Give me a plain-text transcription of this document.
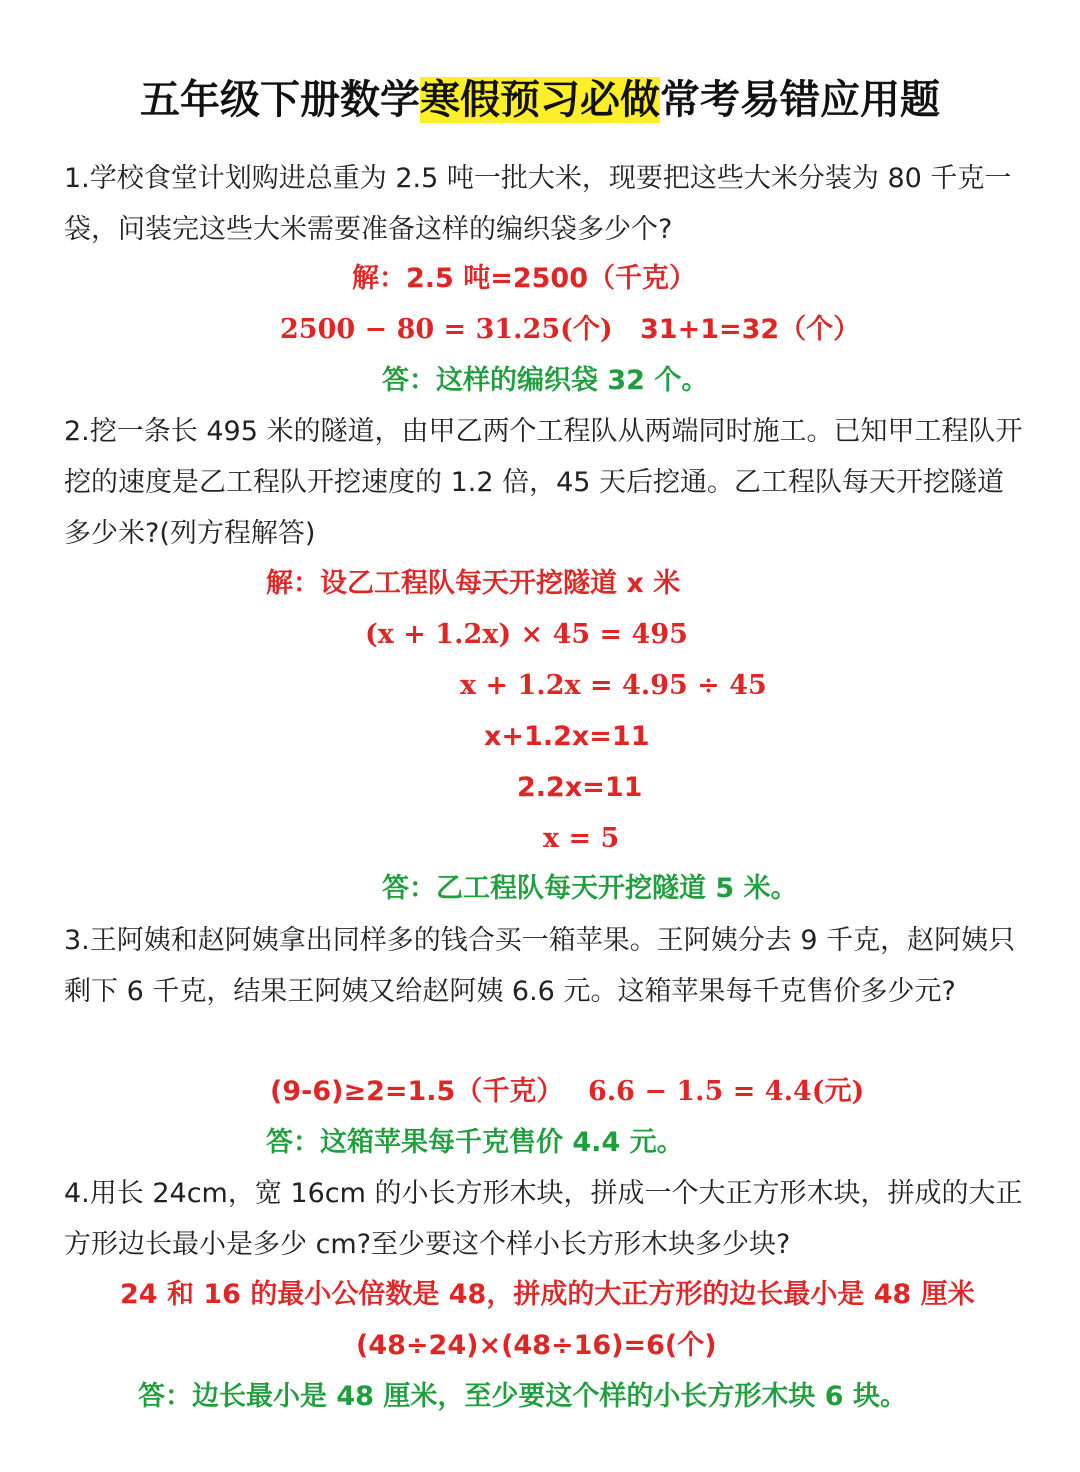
五年级下册数学寒假预习必做常考易错应用题
1.学校食堂计划购进总重为 2.5 吨一批大米，现要把这些大米分装为 80 千克一袋，问装完这些大米需要准备这样的编织袋多少个?
解：2.5 吨=2500（千克）
2500 − 80 = 31.25(个) 31+1=32（个）
答：这样的编织袋 32 个。
2.挖一条长 495 米的隧道，由甲乙两个工程队从两端同时施工。已知甲工程队开挖的速度是乙工程队开挖速度的 1.2 倍，45 天后挖通。乙工程队每天开挖隧道多少米?(列方程解答)
解：设乙工程队每天开挖隧道 x 米
(x + 1.2x) × 45 = 495
x + 1.2x = 4.95 ÷ 45
x+1.2x=11
2.2x=11
x = 5
答：乙工程队每天开挖隧道 5 米。
3.王阿姨和赵阿姨拿出同样多的钱合买一箱苹果。王阿姨分去 9 千克，赵阿姨只剩下 6 千克，结果王阿姨又给赵阿姨 6.6 元。这箱苹果每千克售价多少元?
(9-6)≥2=1.5（千克） 6.6 − 1.5 = 4.4(元)
答：这箱苹果每千克售价 4.4 元。
4.用长 24cm，宽 16cm 的小长方形木块，拼成一个大正方形木块，拼成的大正方形边长最小是多少 cm?至少要这个样小长方形木块多少块?
24 和 16 的最小公倍数是 48，拼成的大正方形的边长最小是 48 厘米
(48÷24)×(48÷16)=6(个)
答：边长最小是 48 厘米，至少要这个样的小长方形木块 6 块。
